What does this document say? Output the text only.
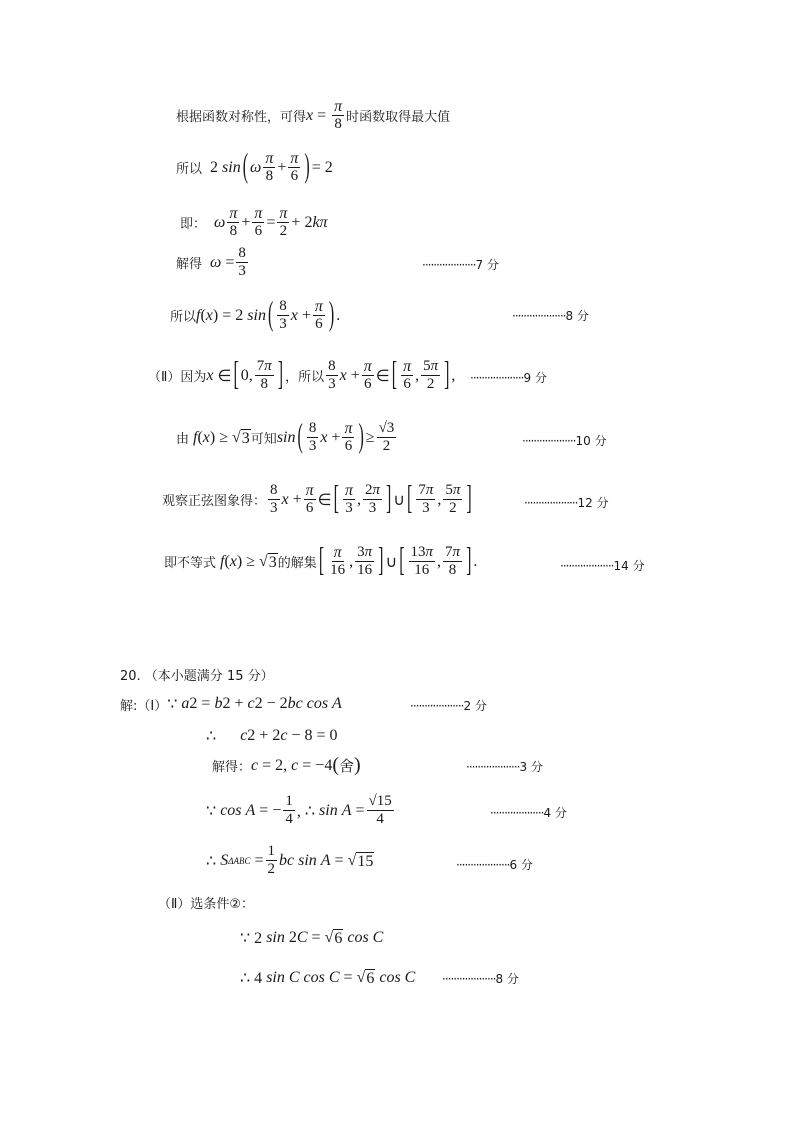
根据函数对称性，可得 $x = \frac{\pi}{8}$ 时函数取得最大值
所以 2 sin ( ω π
8
+ $\frac{\pi}{6}$ ) = 2
即： ω π
8
+ $\frac{\pi}{6} = \frac{\pi}{2} + 2$ kπ
解得 $\omega = \frac{8}{3}$	···················7 分
所以 f ( x ) = 2 sin ( 8
3
$x + \frac{\pi}{6}$ ) .	···················8 分
（Ⅱ）因为 x ∈ [ 0,
7π
8 ] ，所以
8
3
$x + \frac{\pi}{6}$ ∈ [ π
6
,
5π
2 ] , ···················9 分
由
f ( x ) ≥ √ 3 可知 sin ( 8
3
$x + \frac{\pi}{6}$ ) ≥ $\frac{√3}{2}$	···················10 分
观察正弦图象得：
8
3
$x + \frac{\pi}{6}$ ∈ [ π
3
,
2π
3 ] ∪ [ 7π
3
,
5π
2 ]	···················12 分
即不等式
f ( x ) ≥ √ 3 的解集 [ π
16
,
3π
16 ] ∪ [ 13π
16
,
7π
8 ] .	···················14 分
20. （本小题满分 15 分）
解:（Ⅰ） ∵ a 2 = b 2 + c 2 − 2 bc cos A	···················2 分
∴ c 2 + 2 c − 8 = 0
解得： c = 2, c = −4 ( 舍 )	···················3 分
∵ cos A = − $\frac{1}{4}$ , ∴ $\sin A = \frac{√15}{4}$	···················4 分
∴ S $\Delta ABC = \frac{1}{2}$ bc sin A = √ 15	···················6 分
（Ⅱ）选条件②：
∵ 2 sin 2 C = √ 6 cos C
∴ 4 sin C cos C = √ 6 cos C ···················8 分
